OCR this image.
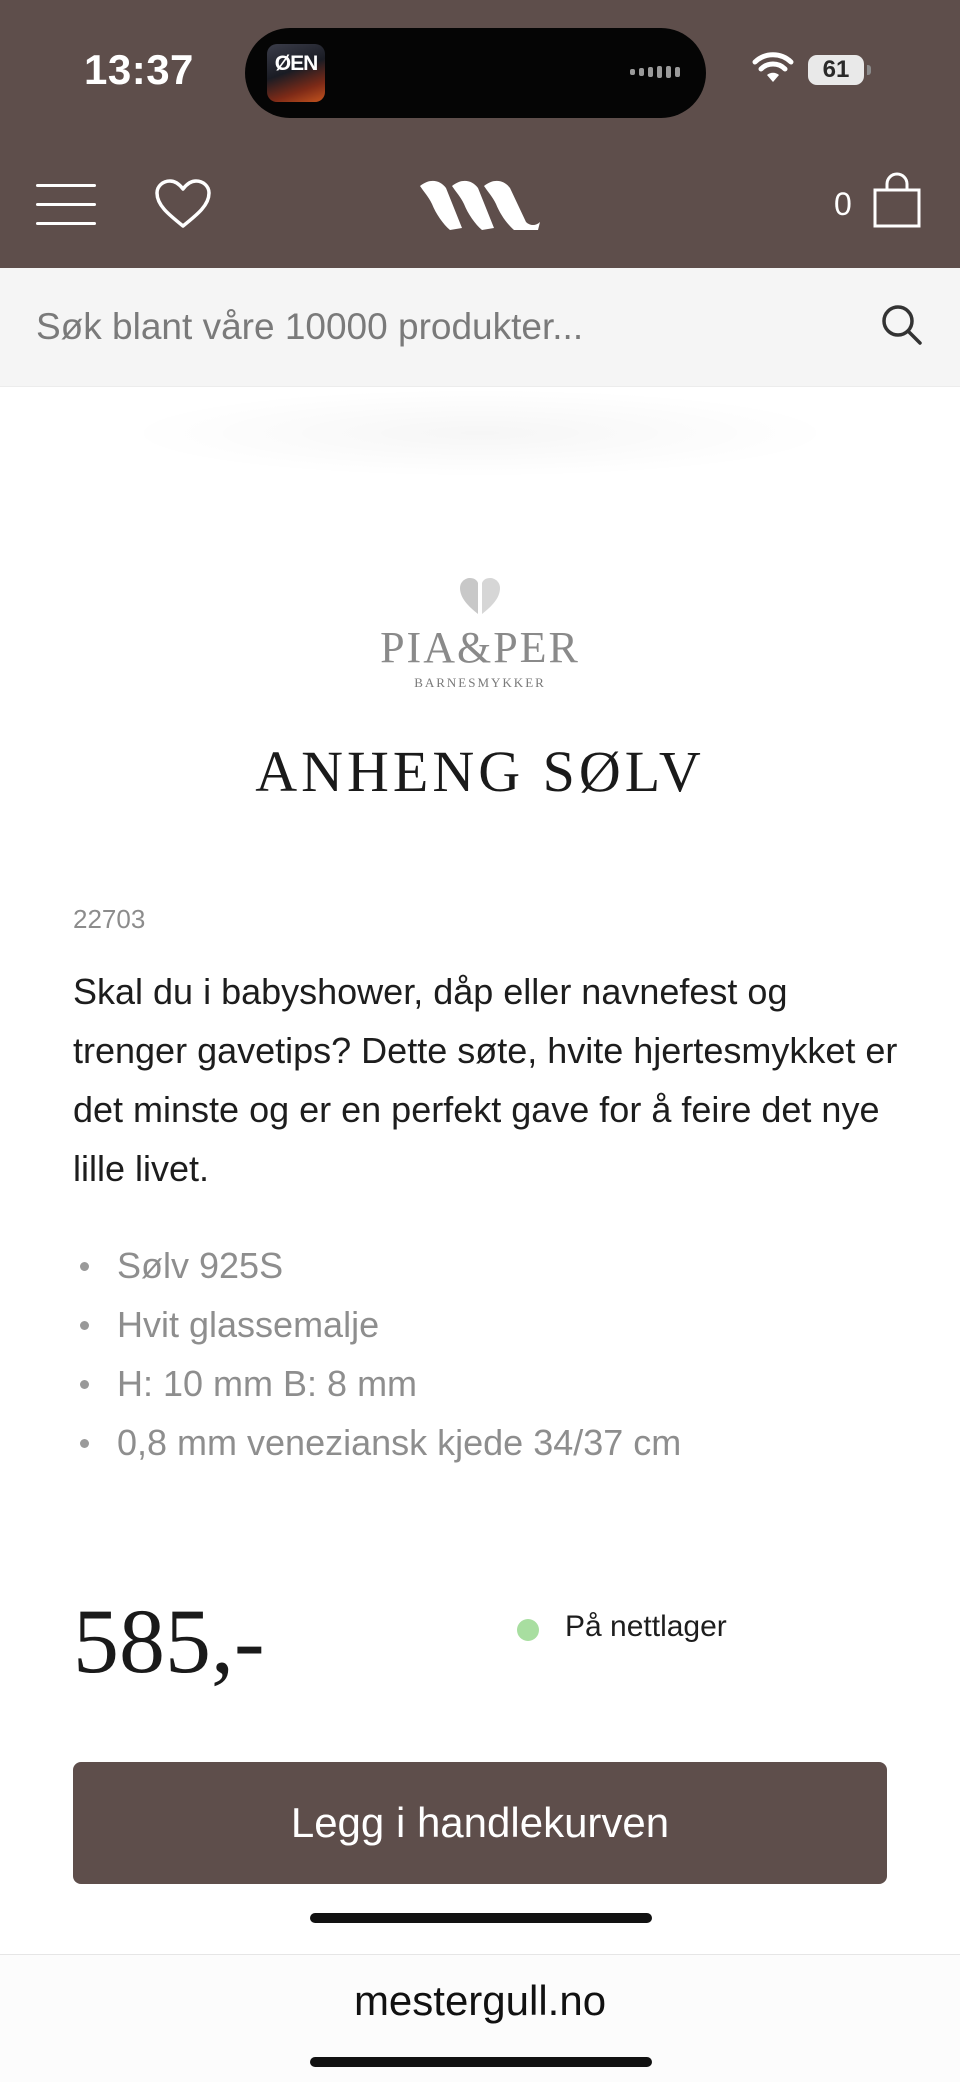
13:37	ØEN	61
0
Søk blant våre 10000 produkter...
PIA&PER
BARNESMYKKER
ANHENG SØLV
22703
Skal du i babyshower, dåp eller navnefest og trenger gavetips? Dette søte, hvite hjertesmykket er det minste og er en perfekt gave for å feire det nye lille livet.
Sølv 925S
Hvit glassemalje
H: 10 mm B: 8 mm
0,8 mm veneziansk kjede 34/37 cm
585,-	På nettlager
Legg i handlekurven
mestergull.no
